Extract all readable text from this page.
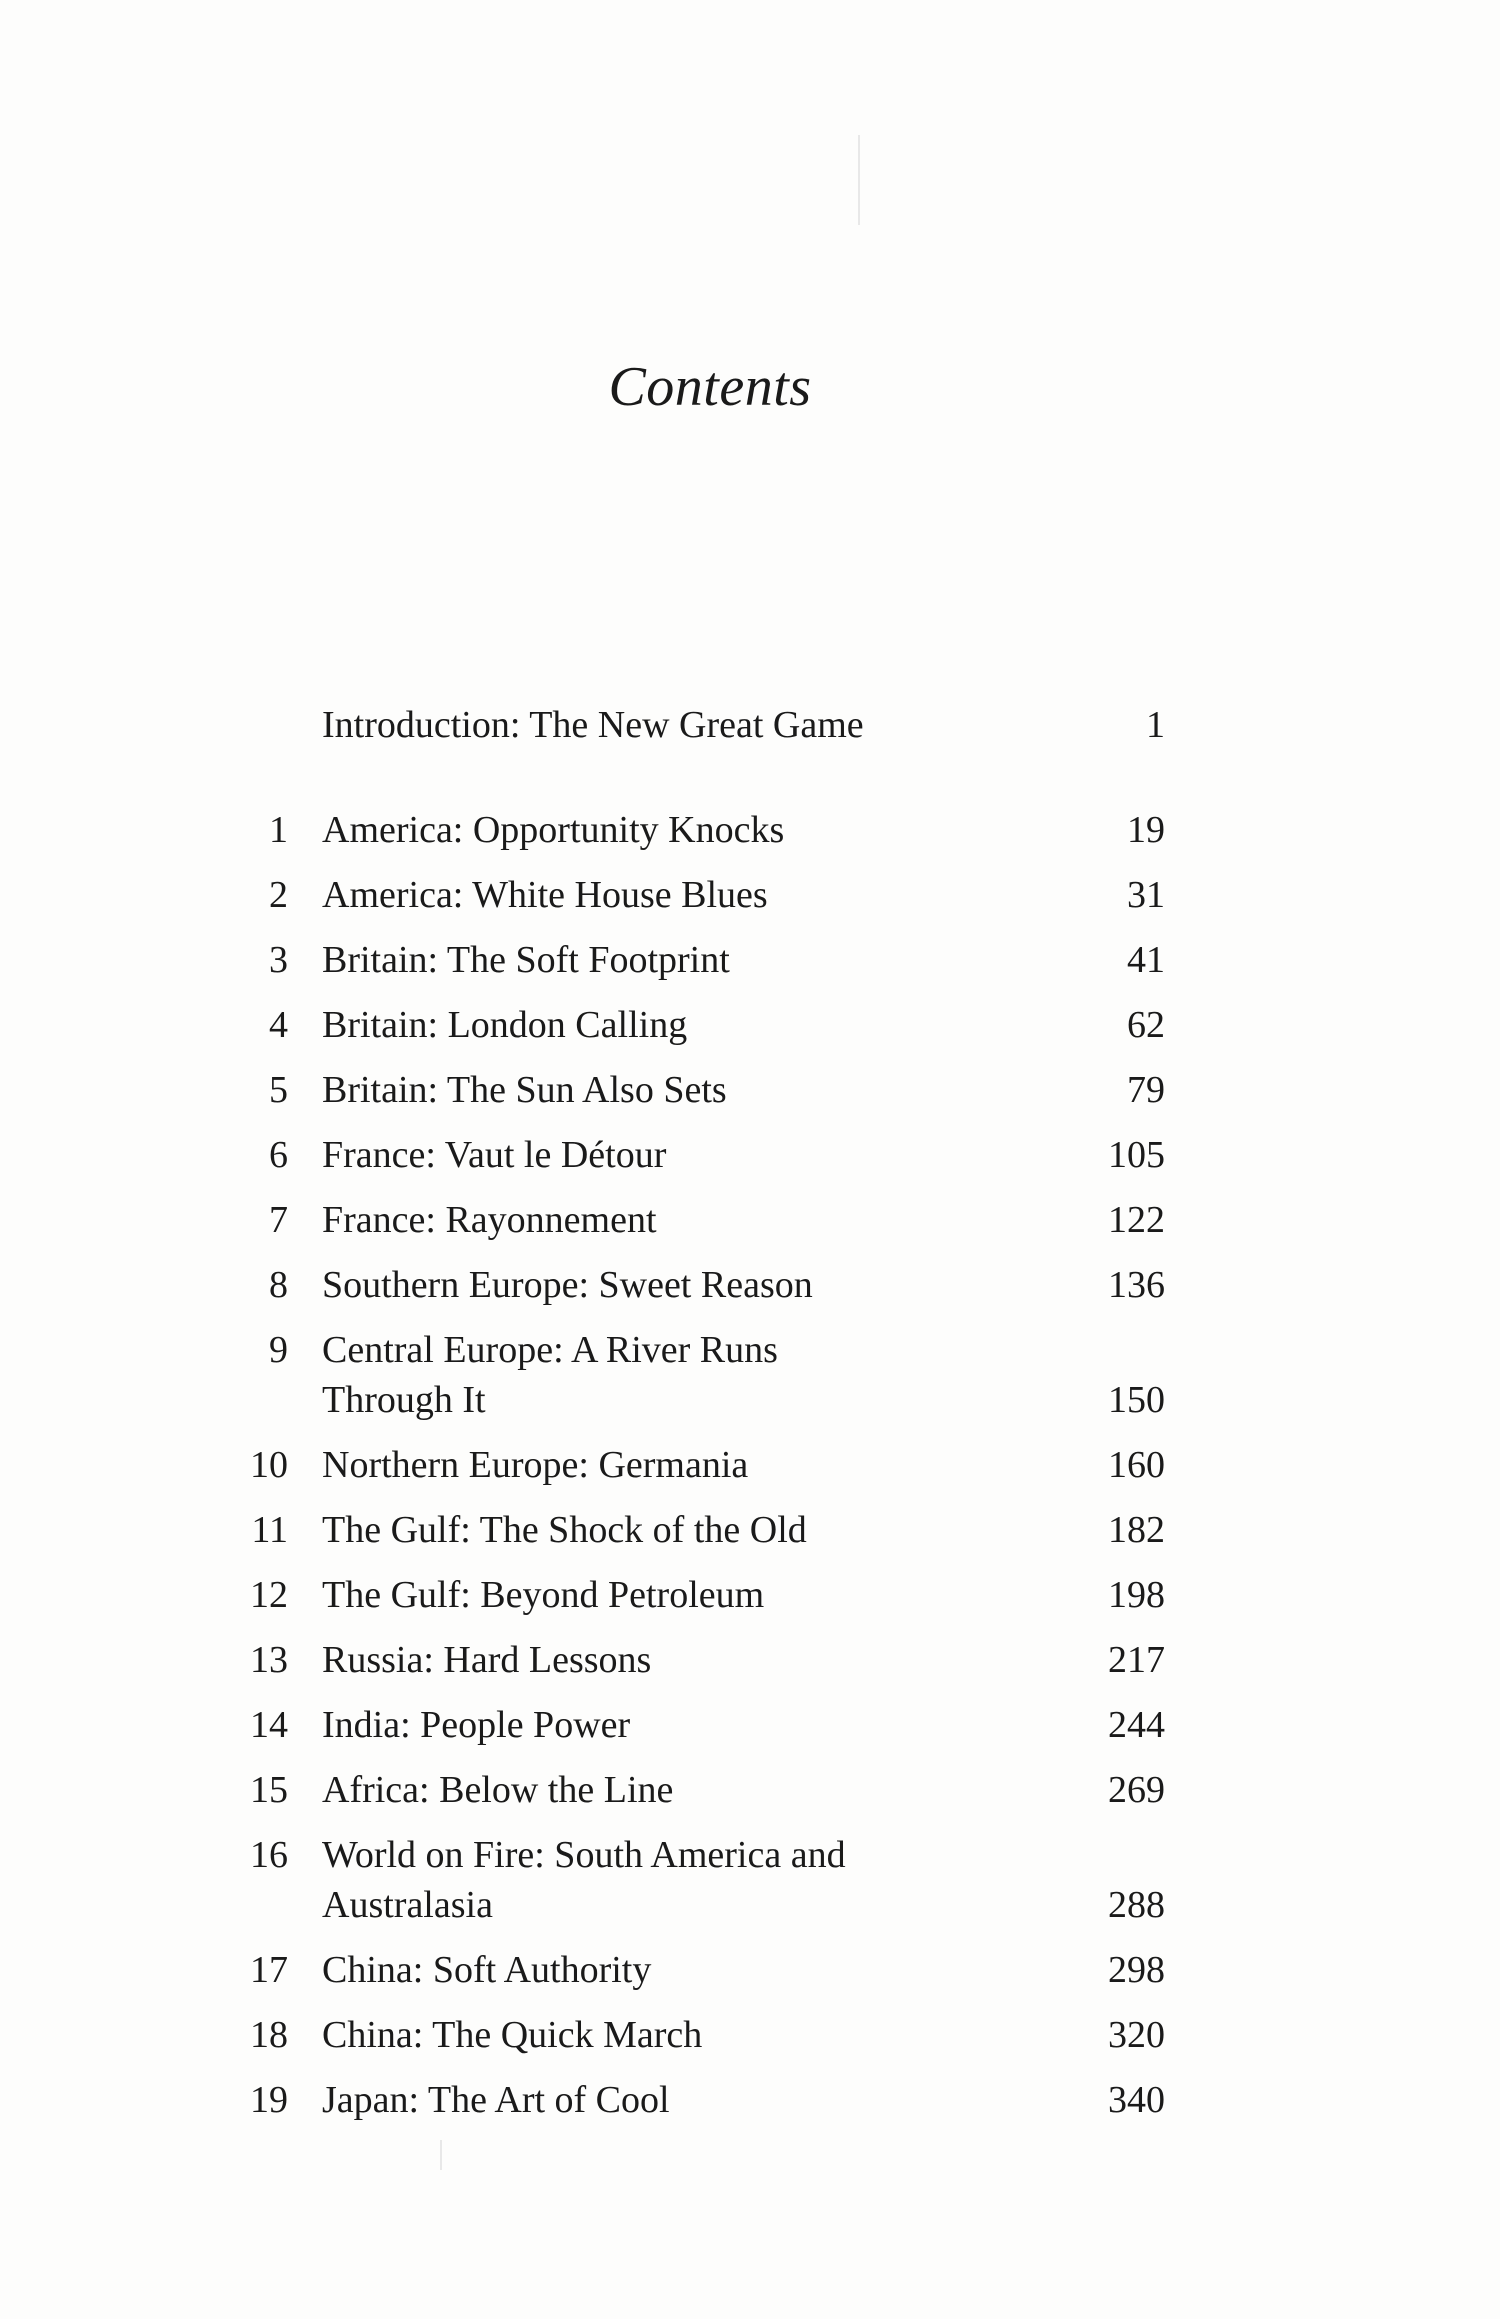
Contents
Introduction: The New Great Game	1
1 America: Opportunity Knocks	19
2 America: White House Blues	31
3 Britain: The Soft Footprint	41
4 Britain: London Calling	62
5 Britain: The Sun Also Sets	79
6 France: Vaut le Détour	105
7 France: Rayonnement	122
8 Southern Europe: Sweet Reason	136
9 Central Europe: A River Runs
Through It	150
10 Northern Europe: Germania	160
11 The Gulf: The Shock of the Old	182
12 The Gulf: Beyond Petroleum	198
13 Russia: Hard Lessons	217
14 India: People Power	244
15 Africa: Below the Line	269
16 World on Fire: South America and
Australasia	288
17 China: Soft Authority	298
18 China: The Quick March	320
19 Japan: The Art of Cool	340
